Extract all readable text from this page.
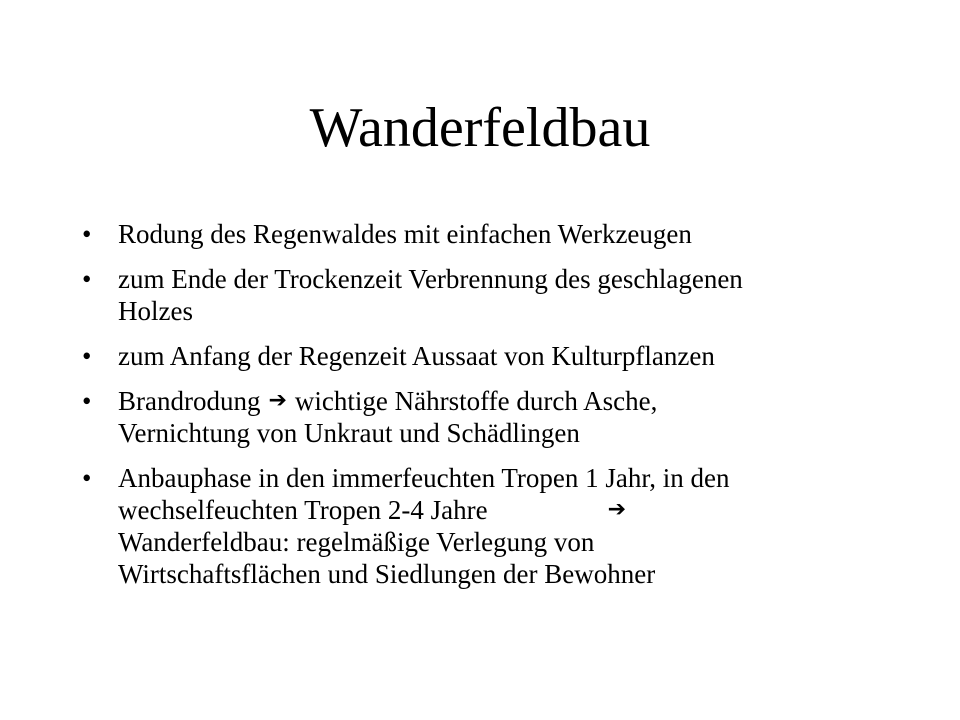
Wanderfeldbau
• Rodung des Regenwaldes mit einfachen Werkzeugen
• zum Ende der Trockenzeit Verbrennung des geschlagenen
Holzes
• zum Anfang der Regenzeit Aussaat von Kulturpflanzen
• Brandrodung ➔ wichtige Nährstoffe durch Asche,
Vernichtung von Unkraut und Schädlingen
• Anbauphase in den immerfeuchten Tropen 1 Jahr, in den
wechselfeuchten Tropen 2-4 Jahre	➔
Wanderfeldbau: regelmäßige Verlegung von
Wirtschaftsflächen und Siedlungen der Bewohner
